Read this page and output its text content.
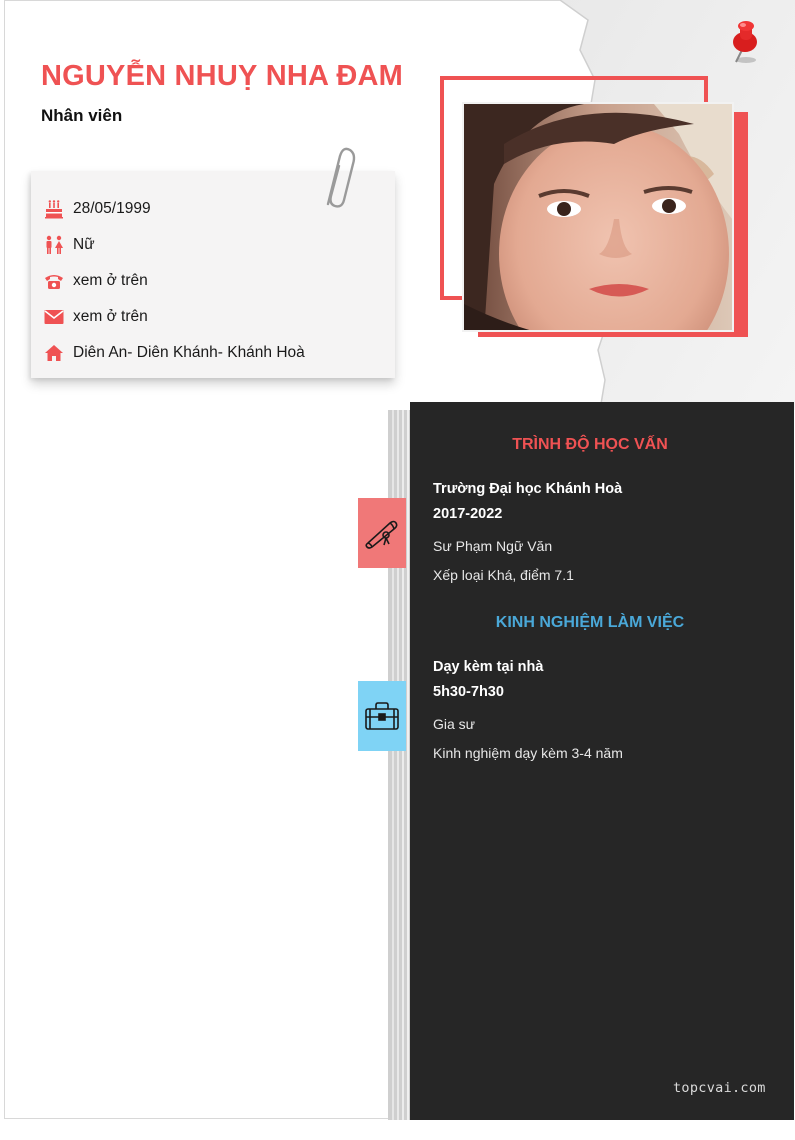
NGUYỄN NHUỴ NHA ĐAM
Nhân viên
28/05/1999
Nữ
xem ở trên
xem ở trên
Diên An- Diên Khánh- Khánh Hoà
TRÌNH ĐỘ HỌC VẤN
Trường Đại học Khánh Hoà
2017-2022
Sư Phạm Ngữ Văn
Xếp loại Khá, điểm 7.1
KINH NGHIỆM LÀM VIỆC
Dạy kèm tại nhà
5h30-7h30
Gia sư
Kinh nghiệm dạy kèm 3-4 năm
topcvai.com
